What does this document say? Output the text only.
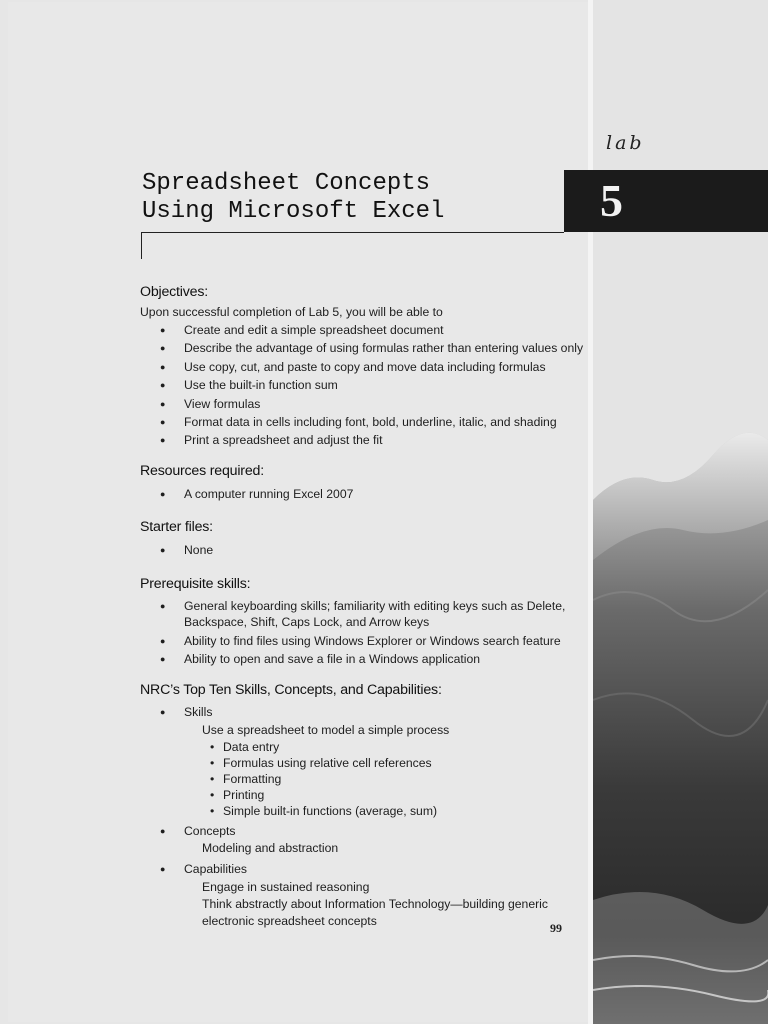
lab
5
Spreadsheet Concepts
Using Microsoft Excel
Objectives:
Upon successful completion of Lab 5, you will be able to
● Create and edit a simple spreadsheet document
● Describe the advantage of using formulas rather than entering values only
● Use copy, cut, and paste to copy and move data including formulas
● Use the built-in function sum
● View formulas
● Format data in cells including font, bold, underline, italic, and shading
● Print a spreadsheet and adjust the fit
Resources required:
● A computer running Excel 2007
Starter files:
● None
Prerequisite skills:
● General keyboarding skills; familiarity with editing keys such as Delete, Backspace, Shift, Caps Lock, and Arrow keys
● Ability to find files using Windows Explorer or Windows search feature
● Ability to open and save a file in a Windows application
NRC’s Top Ten Skills, Concepts, and Capabilities:
● Skills
Use a spreadsheet to model a simple process
• Data entry
• Formulas using relative cell references
• Formatting
• Printing
• Simple built-in functions (average, sum)
● Concepts
Modeling and abstraction
● Capabilities
Engage in sustained reasoning
Think abstractly about Information Technology—building generic
electronic spreadsheet concepts
99
